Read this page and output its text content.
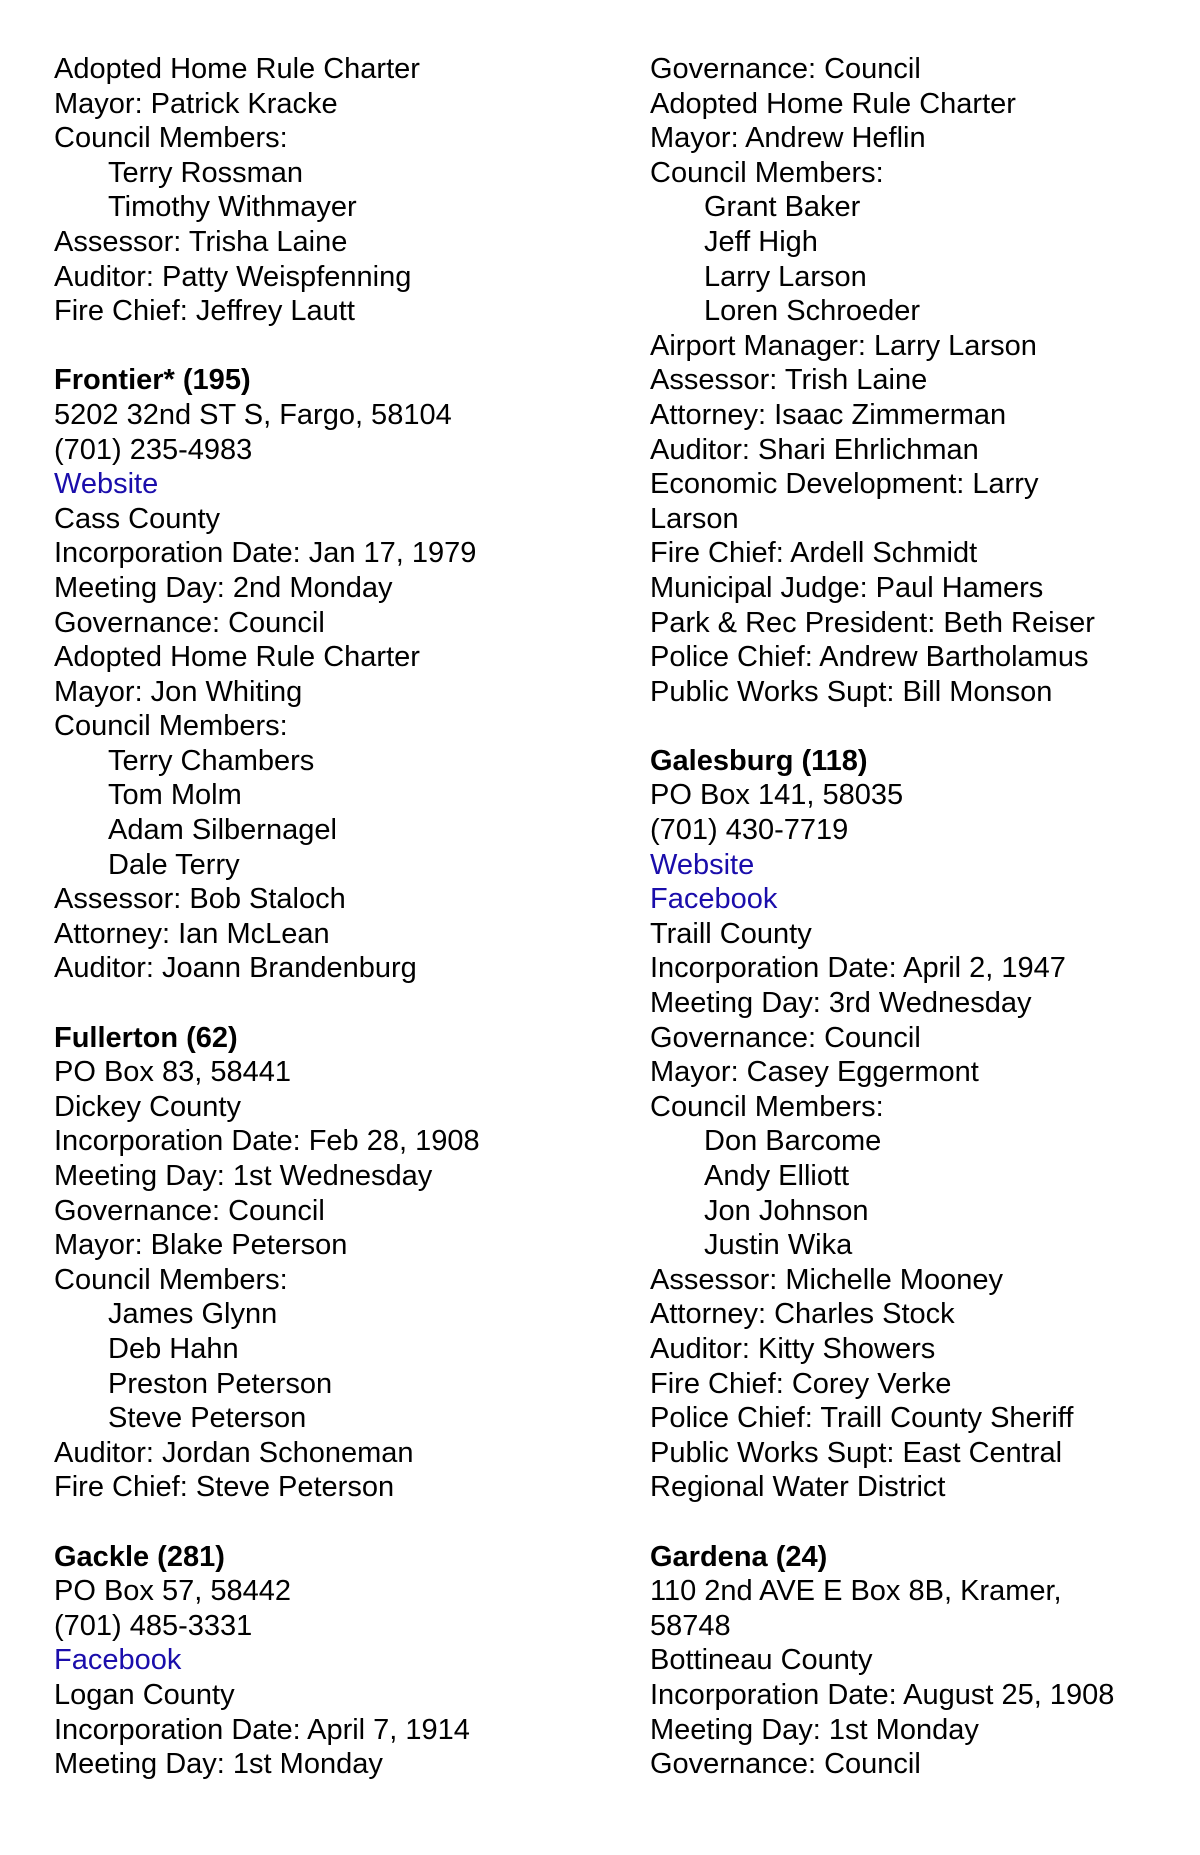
Adopted Home Rule Charter
Mayor: Patrick Kracke
Council Members:
Terry Rossman
Timothy Withmayer
Assessor: Trisha Laine
Auditor: Patty Weispfenning
Fire Chief: Jeffrey Lautt
Frontier* (195)
5202 32nd ST S, Fargo, 58104
(701) 235-4983
Website
Cass County
Incorporation Date: Jan 17, 1979
Meeting Day: 2nd Monday
Governance: Council
Adopted Home Rule Charter
Mayor: Jon Whiting
Council Members:
Terry Chambers
Tom Molm
Adam Silbernagel
Dale Terry
Assessor: Bob Staloch
Attorney: Ian McLean
Auditor: Joann Brandenburg
Fullerton (62)
PO Box 83, 58441
Dickey County
Incorporation Date: Feb 28, 1908
Meeting Day: 1st Wednesday
Governance: Council
Mayor: Blake Peterson
Council Members:
James Glynn
Deb Hahn
Preston Peterson
Steve Peterson
Auditor: Jordan Schoneman
Fire Chief: Steve Peterson
Gackle (281)
PO Box 57, 58442
(701) 485-3331
Facebook
Logan County
Incorporation Date: April 7, 1914
Meeting Day: 1st Monday
Governance: Council
Adopted Home Rule Charter
Mayor: Andrew Heflin
Council Members:
Grant Baker
Jeff High
Larry Larson
Loren Schroeder
Airport Manager: Larry Larson
Assessor: Trish Laine
Attorney: Isaac Zimmerman
Auditor: Shari Ehrlichman
Economic Development: Larry
Larson
Fire Chief: Ardell Schmidt
Municipal Judge: Paul Hamers
Park & Rec President: Beth Reiser
Police Chief: Andrew Bartholamus
Public Works Supt: Bill Monson
Galesburg (118)
PO Box 141, 58035
(701) 430-7719
Website
Facebook
Traill County
Incorporation Date: April 2, 1947
Meeting Day: 3rd Wednesday
Governance: Council
Mayor: Casey Eggermont
Council Members:
Don Barcome
Andy Elliott
Jon Johnson
Justin Wika
Assessor: Michelle Mooney
Attorney: Charles Stock
Auditor: Kitty Showers
Fire Chief: Corey Verke
Police Chief: Traill County Sheriff
Public Works Supt: East Central
Regional Water District
Gardena (24)
110 2nd AVE E Box 8B, Kramer,
58748
Bottineau County
Incorporation Date: August 25, 1908
Meeting Day: 1st Monday
Governance: Council
